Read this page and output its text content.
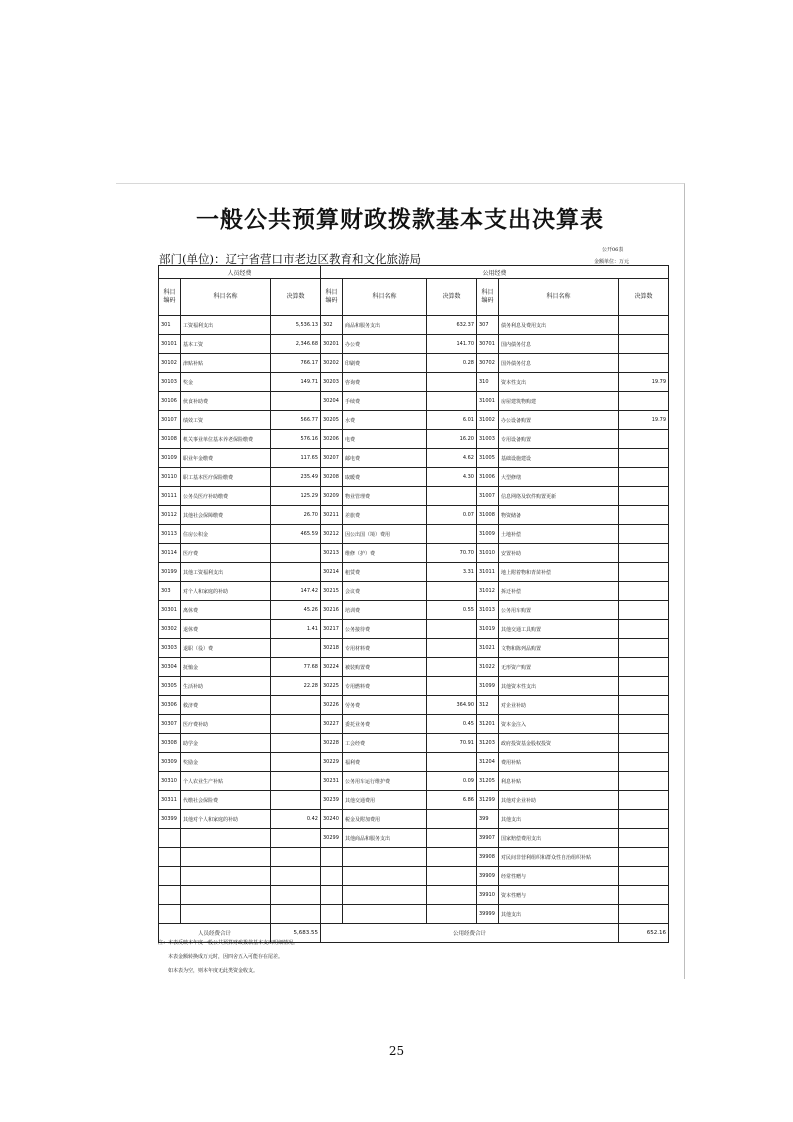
一般公共预算财政拨款基本支出决算表
公开06表
部门(单位)：辽宁省营口市老边区教育和文化旅游局	金额单位：万元
人员经费			公用经费					
科目编码	科目名称	决算数	科目编码	科目名称	决算数	科目编码	科目名称	决算数
301	工资福利支出	5,536.13	302	商品和服务支出	632.37	307	债务利息及费用支出	
30101	基本工资	2,346.68	30201	办公费	141.70	30701	国内债务付息	
30102	津贴补贴	766.17	30202	印刷费	0.28	30702	国外债务付息	
30103	奖金	149.71	30203	咨询费		310	资本性支出	19.79
30106	伙食补助费		30204	手续费		31001	房屋建筑物购建	
30107	绩效工资	566.77	30205	水费	6.01	31002	办公设备购置	19.79
30108	机关事业单位基本养老保险缴费	576.16	30206	电费	16.20	31003	专用设备购置	
30109	职业年金缴费	117.65	30207	邮电费	4.62	31005	基础设施建设	
30110	职工基本医疗保险缴费	235.49	30208	取暖费	4.30	31006	大型修缮	
30111	公务员医疗补助缴费	125.29	30209	物业管理费		31007	信息网络及软件购置更新	
30112	其他社会保障缴费	26.70	30211	差旅费	0.07	31008	物资储备	
30113	住房公积金	465.59	30212	因公出国（境）费用		31009	土地补偿	
30114	医疗费		30213	维修（护）费	70.70	31010	安置补助	
30199	其他工资福利支出		30214	租赁费	3.31	31011	地上附着物和青苗补偿	
303	对个人和家庭的补助	147.42	30215	会议费		31012	拆迁补偿	
30301	离休费	45.26	30216	培训费	0.55	31013	公务用车购置	
30302	退休费	1.41	30217	公务接待费		31019	其他交通工具购置	
30303	退职（役）费		30218	专用材料费		31021	文物和陈列品购置	
30304	抚恤金	77.68	30224	被装购置费		31022	无形资产购置	
30305	生活补助	22.28	30225	专用燃料费		31099	其他资本性支出	
30306	救济费		30226	劳务费	364.90	312	对企业补助	
30307	医疗费补助		30227	委托业务费	0.45	31201	资本金注入	
30308	助学金		30228	工会经费	70.91	31203	政府投资基金股权投资	
30309	奖励金		30229	福利费		31204	费用补贴	
30310	个人农业生产补贴		30231	公务用车运行维护费	0.09	31205	利息补贴	
30311	代缴社会保险费		30239	其他交通费用	6.86	31299	其他对企业补助	
30399	其他对个人和家庭的补助	0.42	30240	税金及附加费用		399	其他支出	
			30299	其他商品和服务支出		39907	国家赔偿费用支出	
						39908	对民间非营利组织和群众性自治组织补贴	
						39909	经常性赠与	
						39910	资本性赠与	
						39999	其他支出	
人员经费合计		5,683.55	公用经费合计					652.16
注：本表反映本年度一般公共预算财政拨款基本支出明细情况。
本表金额转换成万元时，因四舍五入可能存在尾差。
如本表为空，则本年度无此类资金收支。
25
